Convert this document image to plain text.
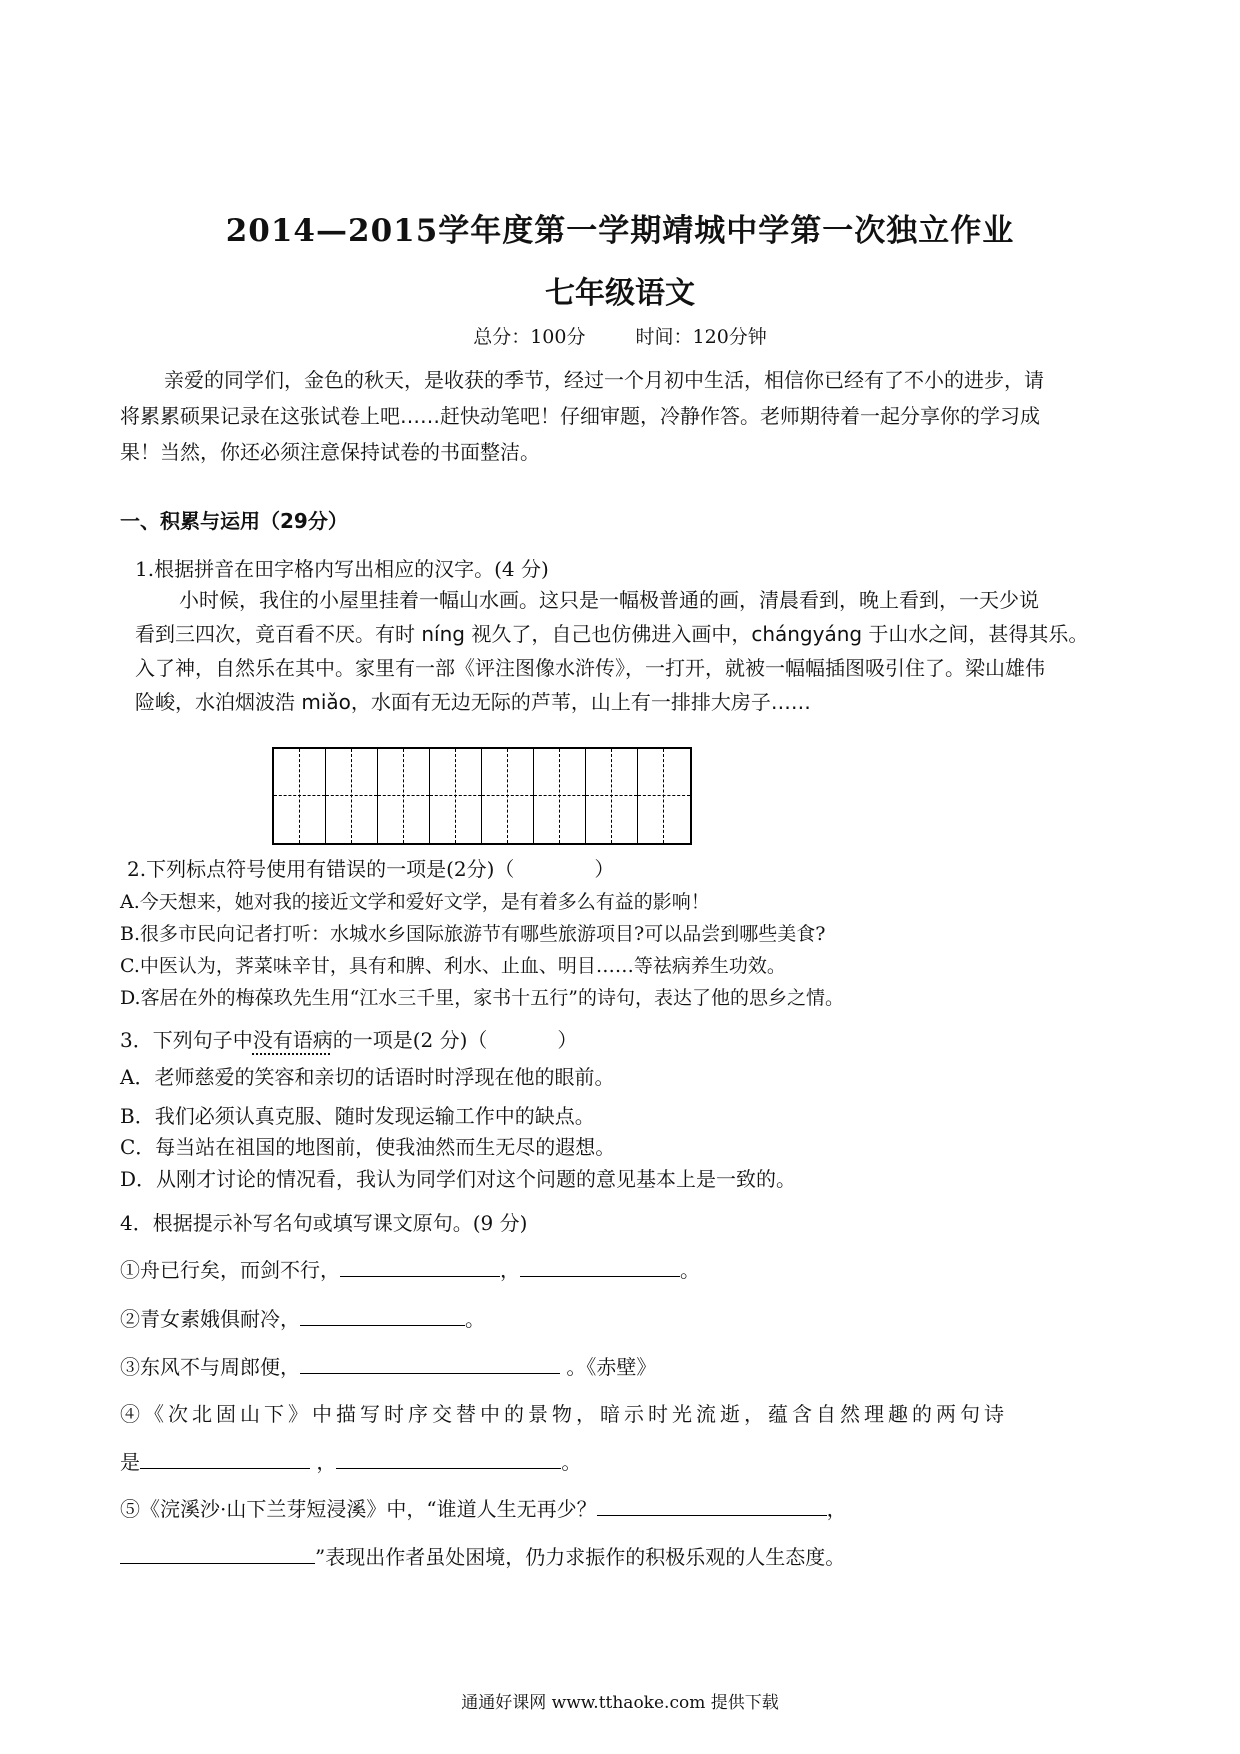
2014—2015学年度第一学期靖城中学第一次独立作业
七年级语文
总分：100分	时间：120分钟
亲爱的同学们，金色的秋天，是收获的季节，经过一个月初中生活，相信你已经有了不小的进步，请
将累累硕果记录在这张试卷上吧……赶快动笔吧！仔细审题，冷静作答。老师期待着一起分享你的学习成
果！当然，你还必须注意保持试卷的书面整洁。
一、积累与运用（29分）
1.根据拼音在田字格内写出相应的汉字。(4 分)
小时候，我住的小屋里挂着一幅山水画。这只是一幅极普通的画，清晨看到，晚上看到，一天少说
看到三四次，竟百看不厌。有时 níng 视久了，自己也仿佛进入画中，chángyáng 于山水之间，甚得其乐。
入了神，自然乐在其中。家里有一部《评注图像水浒传》，一打开，就被一幅幅插图吸引住了。梁山雄伟
险峻，水泊烟波浩 miǎo，水面有无边无际的芦苇，山上有一排排大房子……
2.下列标点符号使用有错误的一项是(2分)（	）
A.今天想来，她对我的接近文学和爱好文学，是有着多么有益的影响！
B.很多市民向记者打听：水城水乡国际旅游节有哪些旅游项目?可以品尝到哪些美食?
C.中医认为，荠菜味辛甘，具有和脾、利水、止血、明目……等祛病养生功效。
D.客居在外的梅葆玖先生用“江水三千里，家书十五行”的诗句，表达了他的思乡之情。
3．下列句子中没有语病的一项是(2 分)（	）
A．老师慈爱的笑容和亲切的话语时时浮现在他的眼前。
B．我们必须认真克服、随时发现运输工作中的缺点。
C．每当站在祖国的地图前，使我油然而生无尽的遐想。
D．从刚才讨论的情况看，我认为同学们对这个问题的意见基本上是一致的。
4．根据提示补写名句或填写课文原句。(9 分)
①舟已行矣，而剑不行，	，	。
②青女素娥俱耐冷，	。
③东风不与周郎便，	。《赤壁》
④《次北固山下》中描写时序交替中的景物，暗示时光流逝，蕴含自然理趣的两句诗
是	，	。
⑤《浣溪沙·山下兰芽短浸溪》中，“谁道人生无再少？	，
”表现出作者虽处困境，仍力求振作的积极乐观的人生态度。
通通好课网 www.tthaoke.com 提供下载
